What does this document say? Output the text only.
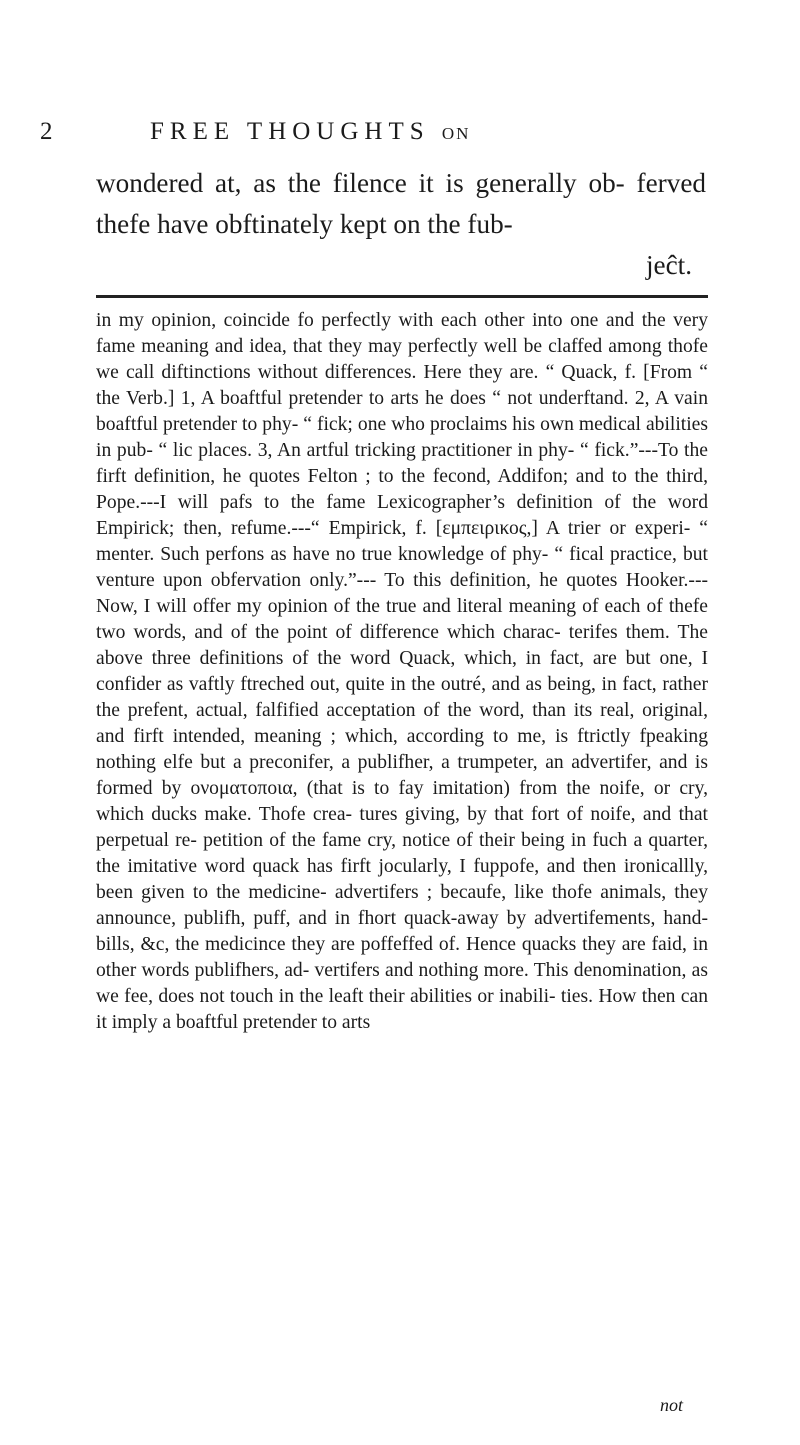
2	FREE THOUGHTS ON

wondered at, as the filence it is generally ob- ferved thefe have obftinately kept on the fub-

jeĉt.

in my opinion, coincide fo perfectly with each other into one and the very fame meaning and idea, that they may perfectly well be claffed among thofe we call diftinctions without differences. Here they are. “ Quack, f. [From “ the Verb.] 1, A boaftful pretender to arts he does “ not underftand. 2, A vain boaftful pretender to phy- “ fick; one who proclaims his own medical abilities in pub- “ lic places. 3, An artful tricking practitioner in phy- “ fick.”---To the firft definition, he quotes Felton ; to the fecond, Addifon; and to the third, Pope.---I will pafs to the fame Lexicographer’s definition of the word Empirick; then, refume.---“ Empirick, f. [εμπειρικος,] A trier or experi- “ menter. Such perfons as have no true knowledge of phy- “ fical practice, but venture upon obfervation only.”--- To this definition, he quotes Hooker.---Now, I will offer my opinion of the true and literal meaning of each of thefe two words, and of the point of difference which charac- terifes them. The above three definitions of the word Quack, which, in fact, are but one, I confider as vaftly ftreched out, quite in the outré, and as being, in fact, rather the prefent, actual, falfified acceptation of the word, than its real, original, and firft intended, meaning ; which, according to me, is ftrictly fpeaking nothing elfe but a preconifer, a publifher, a trumpeter, an advertifer, and is formed by ονοματοποια, (that is to fay imitation) from the noife, or cry, which ducks make. Thofe crea- tures giving, by that fort of noife, and that perpetual re- petition of the fame cry, notice of their being in fuch a quarter, the imitative word quack has firft jocularly, I fuppofe, and then ironicallly, been given to the medicine- advertifers ; becaufe, like thofe animals, they announce, publifh, puff, and in fhort quack-away by advertifements, hand-bills, &c, the medicince they are poffeffed of. Hence quacks they are faid, in other words publifhers, ad- vertifers and nothing more. This denomination, as we fee, does not touch in the leaft their abilities or inabili- ties. How then can it imply a boaftful pretender to arts

not
